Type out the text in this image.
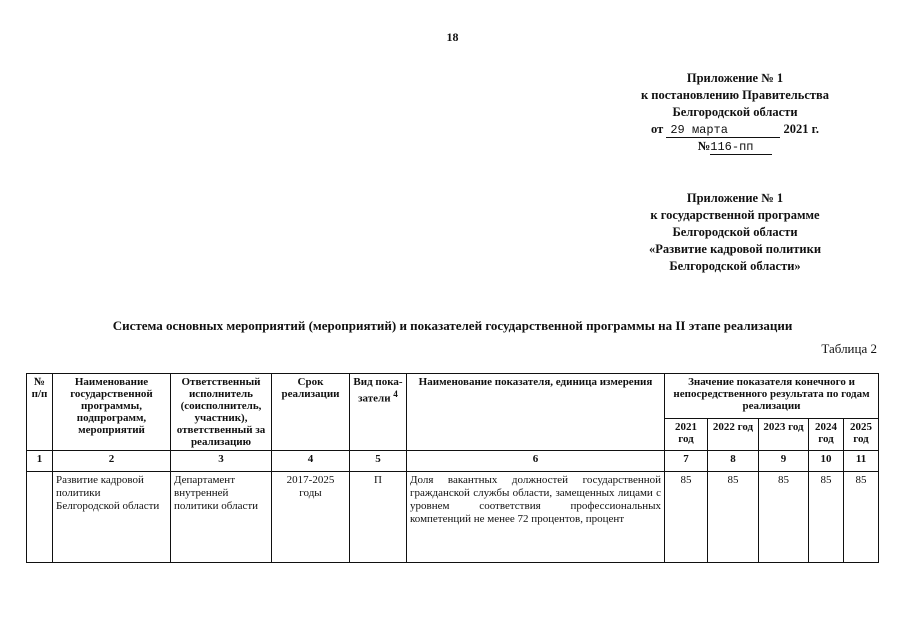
18
Приложение № 1
к постановлению Правительства
Белгородской области
от 29 марта	2021 г.
№116-пп
Приложение № 1
к государственной программе
Белгородской области
«Развитие кадровой политики
Белгородской области»
Система основных мероприятий (мероприятий) и показателей государственной программы на II этапе реализации
Таблица 2
№ п/п	Наименование государственной программы, подпрограмм, мероприятий	Ответственный исполнитель (соисполнитель, участник), ответственный за реализацию	Срок реализации	Вид пока-затели $^4$	Наименование показателя, единица измерения	Значение показателя конечного и непосредственного результата по годам реализации				
						2021 год	2022 год	2023 год	2024 год	2025 год
1	2	3	4	5	6	7	8	9	10	11
	Развитие кадровой политики Белгородской области	Департамент внутренней политики области	2017-2025 годы	П	Доля вакантных должностей государственной гражданской службы области, замещенных лицами с уровнем соответствия профессиональных компетенций не менее 72 процентов, процент	85	85	85	85	85
